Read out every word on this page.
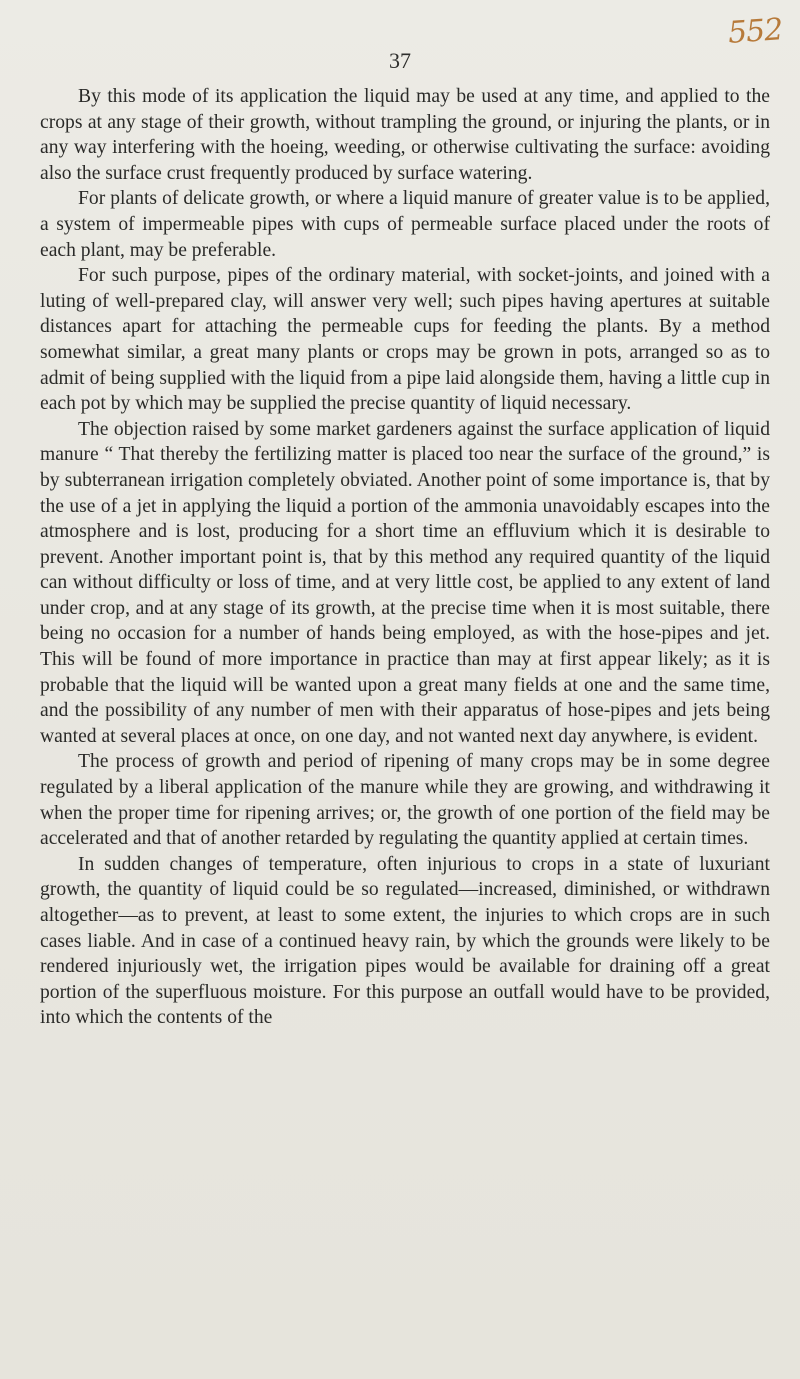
552
37

By this mode of its application the liquid may be used at any time, and applied to the crops at any stage of their growth, without trampling the ground, or injuring the plants, or in any way interfering with the hoeing, weeding, or otherwise cultivating the surface: avoiding also the surface crust frequently produced by surface watering.

For plants of delicate growth, or where a liquid manure of greater value is to be applied, a system of impermeable pipes with cups of permeable surface placed under the roots of each plant, may be preferable.

For such purpose, pipes of the ordinary material, with socket-joints, and joined with a luting of well-prepared clay, will answer very well; such pipes having apertures at suitable distances apart for attaching the permeable cups for feeding the plants. By a method somewhat similar, a great many plants or crops may be grown in pots, arranged so as to admit of being supplied with the liquid from a pipe laid alongside them, having a little cup in each pot by which may be supplied the precise quantity of liquid necessary.

The objection raised by some market gardeners against the surface application of liquid manure “ That thereby the fertilizing matter is placed too near the surface of the ground,” is by subterranean irrigation completely obviated. Another point of some importance is, that by the use of a jet in applying the liquid a portion of the ammonia unavoidably escapes into the atmosphere and is lost, producing for a short time an effluvium which it is desirable to prevent. Another important point is, that by this method any required quantity of the liquid can without difficulty or loss of time, and at very little cost, be applied to any extent of land under crop, and at any stage of its growth, at the precise time when it is most suitable, there being no occasion for a number of hands being employed, as with the hose-pipes and jet. This will be found of more importance in practice than may at first appear likely; as it is probable that the liquid will be wanted upon a great many fields at one and the same time, and the possibility of any number of men with their apparatus of hose-pipes and jets being wanted at several places at once, on one day, and not wanted next day anywhere, is evident.

The process of growth and period of ripening of many crops may be in some degree regulated by a liberal application of the manure while they are growing, and withdrawing it when the proper time for ripening arrives; or, the growth of one portion of the field may be accelerated and that of another retarded by regulating the quantity applied at certain times.

In sudden changes of temperature, often injurious to crops in a state of luxuriant growth, the quantity of liquid could be so regulated—increased, diminished, or withdrawn altogether—as to prevent, at least to some extent, the injuries to which crops are in such cases liable. And in case of a continued heavy rain, by which the grounds were likely to be rendered injuriously wet, the irrigation pipes would be available for draining off a great portion of the superfluous moisture. For this purpose an outfall would have to be provided, into which the contents of the
